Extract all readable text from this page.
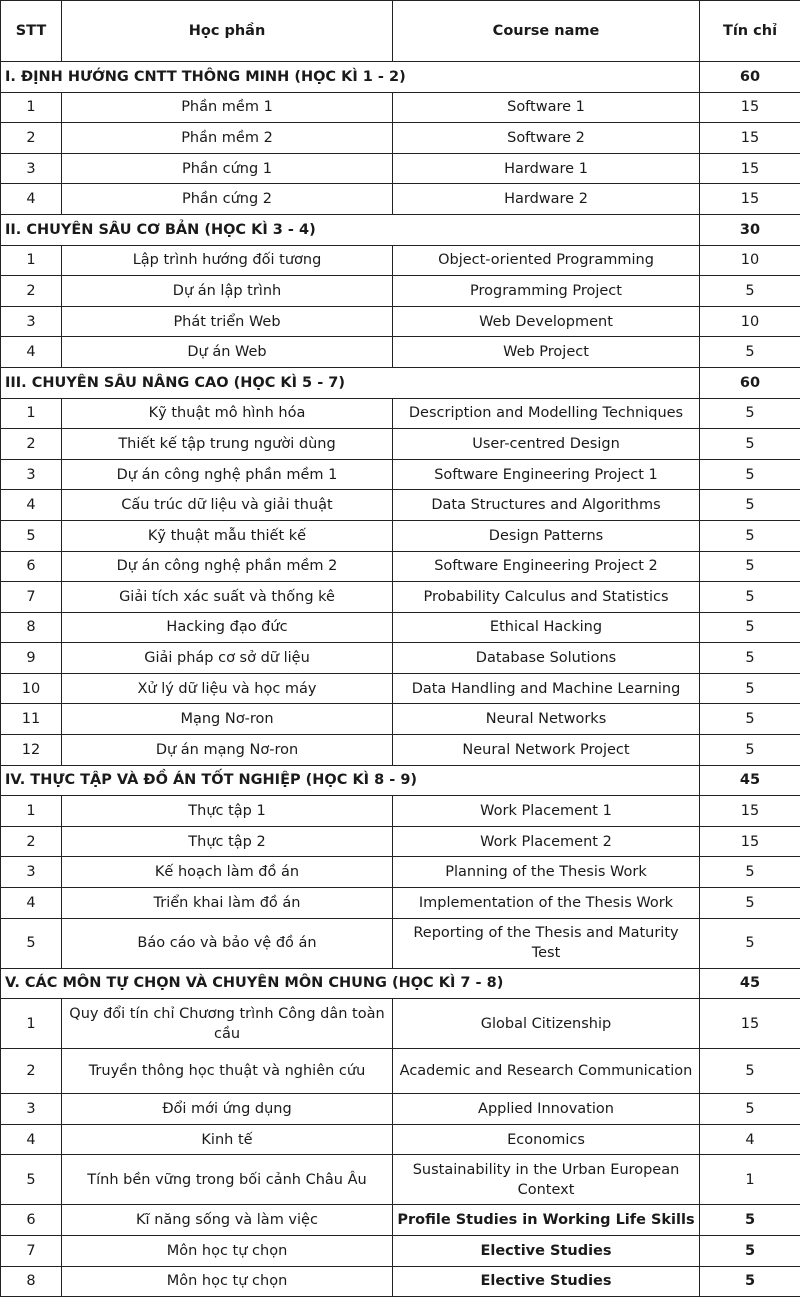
STT	Học phần	Course name	Tín chỉ
I. ĐỊNH HƯỚNG CNTT THÔNG MINH (HỌC KÌ 1 - 2)			60
1	Phần mềm 1	Software 1	15
2	Phần mềm 2	Software 2	15
3	Phần cứng 1	Hardware 1	15
4	Phần cứng 2	Hardware 2	15
II. CHUYÊN SÂU CƠ BẢN (HỌC KÌ 3 - 4)			30
1	Lập trình hướng đối tương	Object-oriented Programming	10
2	Dự án lập trình	Programming Project	5
3	Phát triển Web	Web Development	10
4	Dự án Web	Web Project	5
III. CHUYÊN SÂU NÂNG CAO (HỌC KÌ 5 - 7)			60
1	Kỹ thuật mô hình hóa	Description and Modelling Techniques	5
2	Thiết kế tập trung người dùng	User-centred Design	5
3	Dự án công nghệ phần mềm 1	Software Engineering Project 1	5
4	Cấu trúc dữ liệu và giải thuật	Data Structures and Algorithms	5
5	Kỹ thuật mẫu thiết kế	Design Patterns	5
6	Dự án công nghệ phần mềm 2	Software Engineering Project 2	5
7	Giải tích xác suất và thống kê	Probability Calculus and Statistics	5
8	Hacking đạo đức	Ethical Hacking	5
9	Giải pháp cơ sở dữ liệu	Database Solutions	5
10	Xử lý dữ liệu và học máy	Data Handling and Machine Learning	5
11	Mạng Nơ-ron	Neural Networks	5
12	Dự án mạng Nơ-ron	Neural Network Project	5
IV. THỰC TẬP VÀ ĐỒ ÁN TỐT NGHIỆP (HỌC KÌ 8 - 9)			45
1	Thực tập 1	Work Placement 1	15
2	Thực tập 2	Work Placement 2	15
3	Kế hoạch làm đồ án	Planning of the Thesis Work	5
4	Triển khai làm đồ án	Implementation of the Thesis Work	5
5	Báo cáo và bảo vệ đồ án	Reporting of the Thesis and Maturity Test	5
V. CÁC MÔN TỰ CHỌN VÀ CHUYÊN MÔN CHUNG (HỌC KÌ 7 - 8)			45
1	Quy đổi tín chỉ Chương trình Công dân toàn cầu	Global Citizenship	15
2	Truyền thông học thuật và nghiên cứu	Academic and Research Communication	5
3	Đổi mới ứng dụng	Applied Innovation	5
4	Kinh tế	Economics	4
5	Tính bền vững trong bối cảnh Châu Âu	Sustainability in the Urban European Context	1
6	Kĩ năng sống và làm việc	Profile Studies in Working Life Skills	5
7	Môn học tự chọn	Elective Studies	5
8	Môn học tự chọn	Elective Studies	5
